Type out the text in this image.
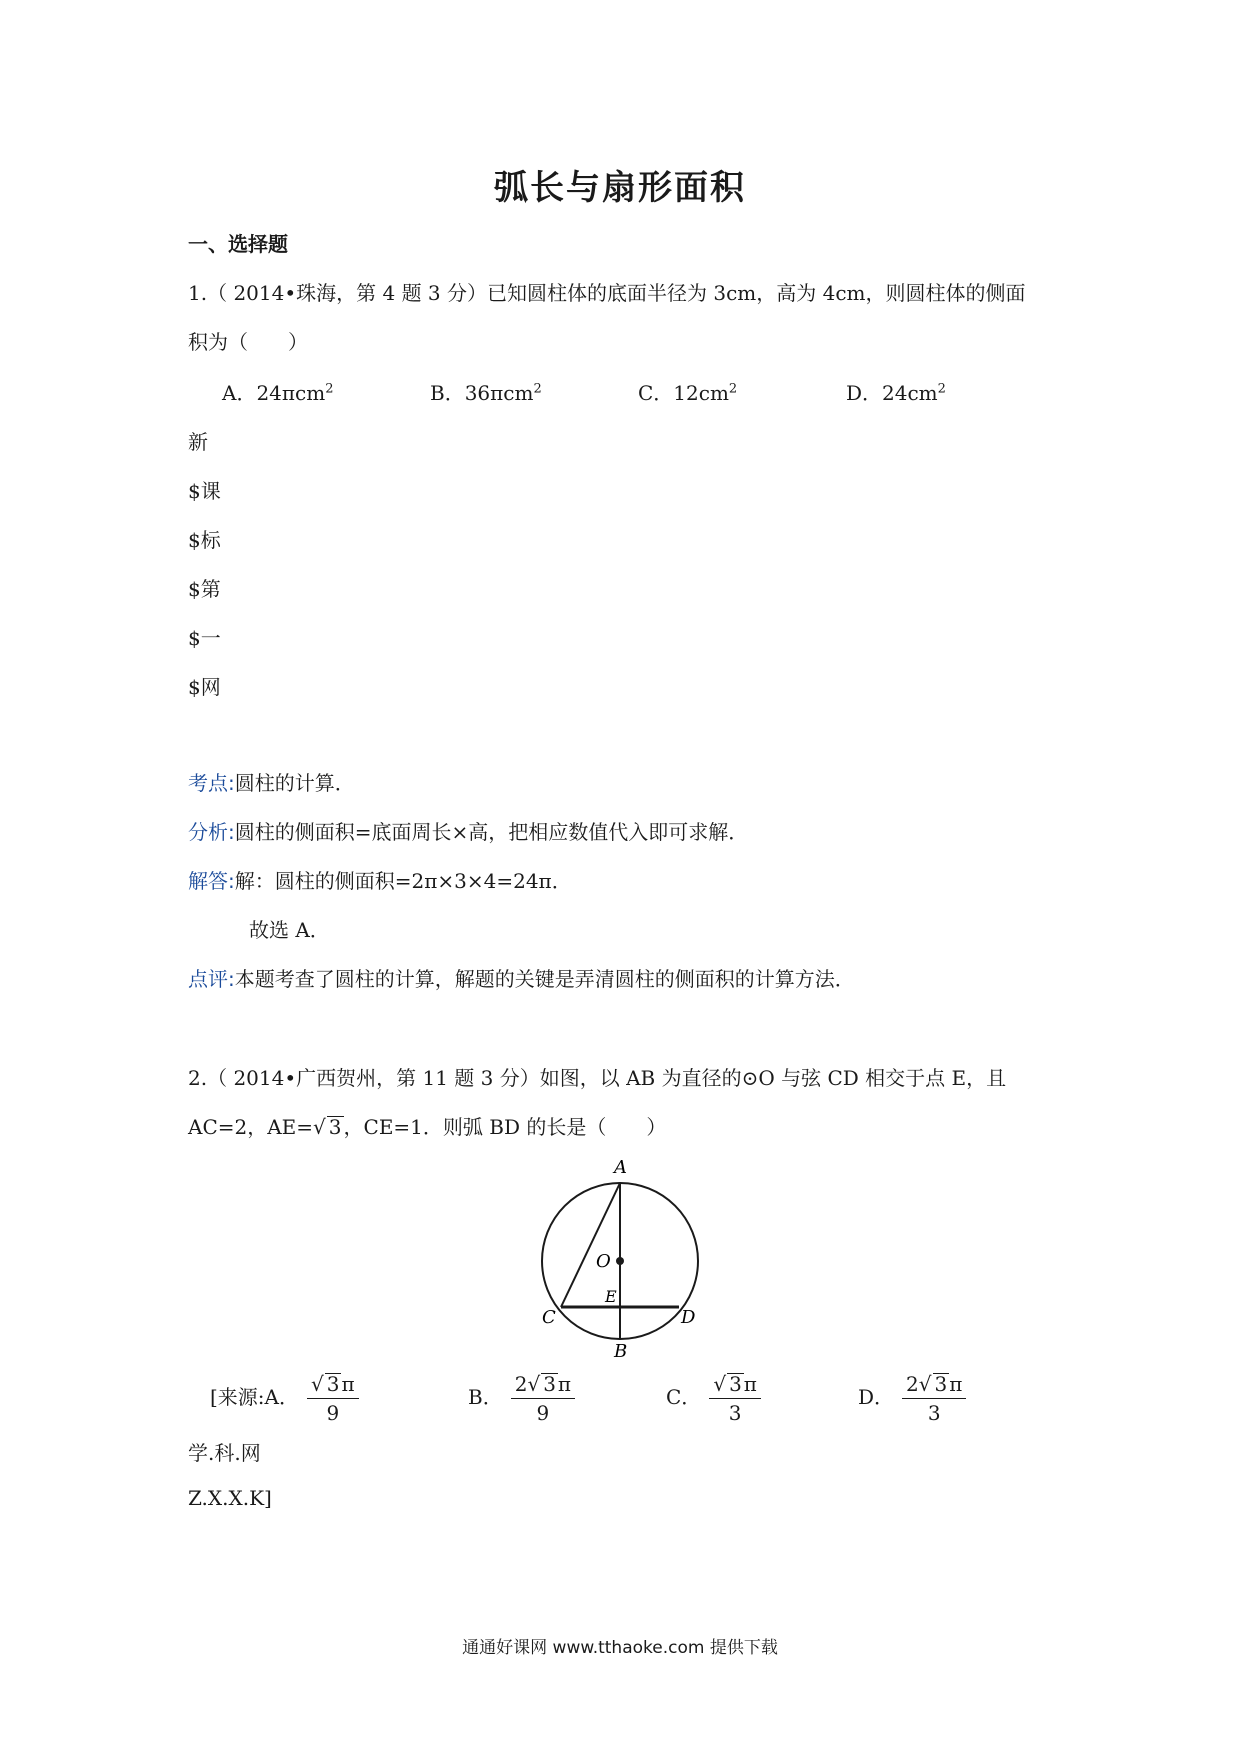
弧长与扇形面积
一、选择题
1.（ 2014•珠海，第 4 题 3 分）已知圆柱体的底面半径为 3cm，高为 4cm，则圆柱体的侧面
积为（　　）
A．24πcm$^2$	B．36πcm$^2$	C．$12cm^2$	D．$24cm^2$
新
$课
$标
$第
$一
$网
考点:圆柱的计算．
分析:圆柱的侧面积=底面周长×高，把相应数值代入即可求解．
解答:解：圆柱的侧面积=2π×3×4=24π．
故选 A．
点评:本题考查了圆柱的计算，解题的关键是弄清圆柱的侧面积的计算方法．
2.（ 2014•广西贺州，第 11 题 3 分）如图，以 AB 为直径的⊙O 与弦 CD 相交于点 E，且
AC=2，AE=√ 3 ，CE=1．则弧 BD 的长是（　　）
A
B
C	D
O
E
[来源:A． $\frac{√ 3 \pi}{9}$	B． $\frac{2√ 3 \pi}{9}$	C． $\frac{√ 3 \pi}{3}$	D． $\frac{2√ 3 \pi}{3}$
学.科.网
Z.X.X.K]
通通好课网 www.tthaoke.com 提供下载
